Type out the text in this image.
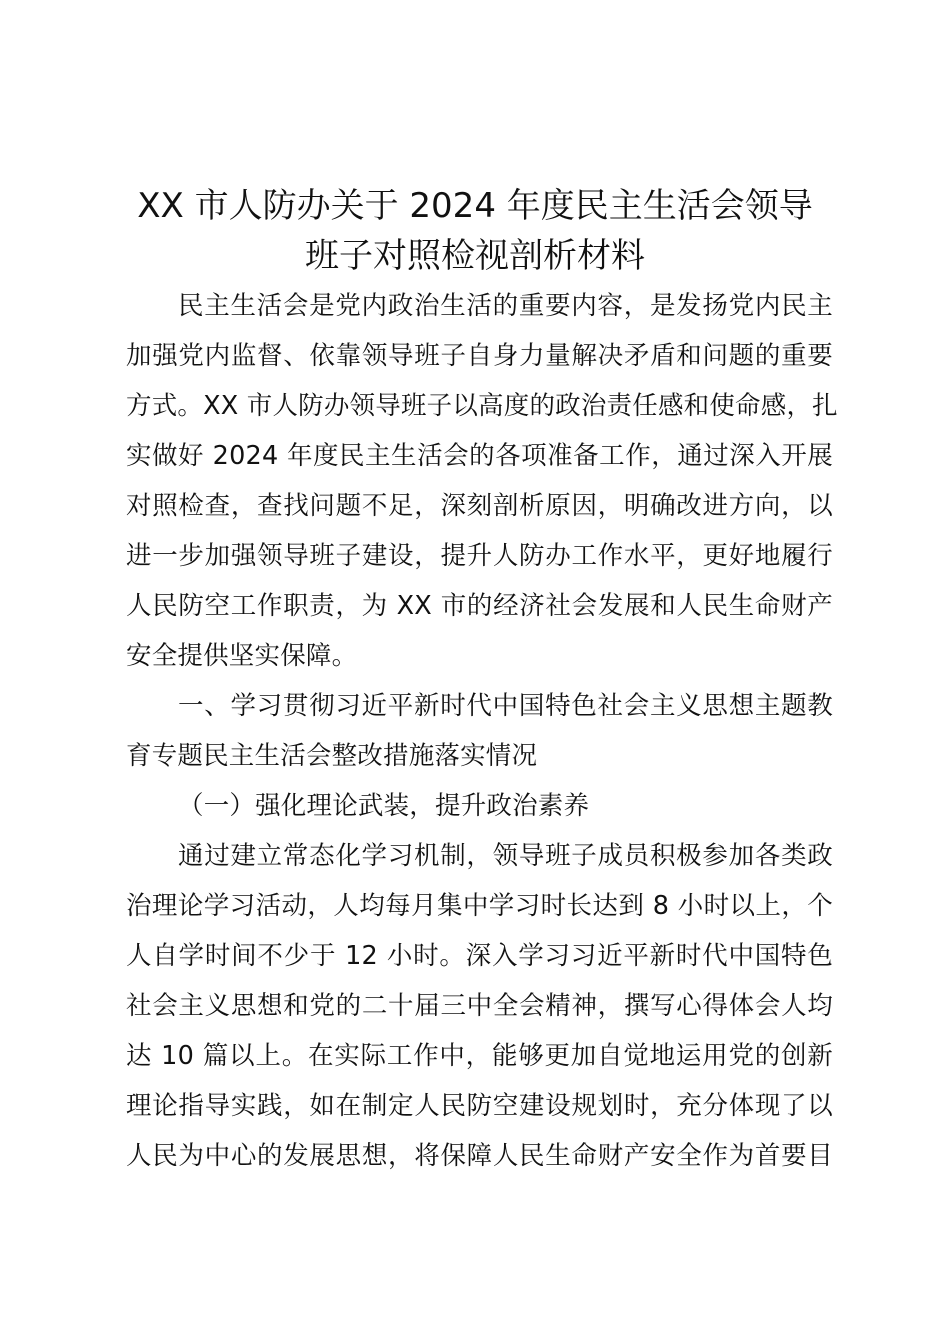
XX 市人防办关于 2024 年度民主生活会领导
班子对照检视剖析材料
民主生活会是党内政治生活的重要内容，是发扬党内民主
加强党内监督、依靠领导班子自身力量解决矛盾和问题的重要
方式。XX 市人防办领导班子以高度的政治责任感和使命感，扎
实做好 2024 年度民主生活会的各项准备工作，通过深入开展
对照检查，查找问题不足，深刻剖析原因，明确改进方向，以
进一步加强领导班子建设，提升人防办工作水平，更好地履行
人民防空工作职责，为 XX 市的经济社会发展和人民生命财产
安全提供坚实保障。
一、学习贯彻习近平新时代中国特色社会主义思想主题教
育专题民主生活会整改措施落实情况
（一）强化理论武装，提升政治素养
通过建立常态化学习机制，领导班子成员积极参加各类政
治理论学习活动，人均每月集中学习时长达到 8 小时以上，个
人自学时间不少于 12 小时。深入学习习近平新时代中国特色
社会主义思想和党的二十届三中全会精神，撰写心得体会人均
达 10 篇以上。在实际工作中，能够更加自觉地运用党的创新
理论指导实践，如在制定人民防空建设规划时，充分体现了以
人民为中心的发展思想，将保障人民生命财产安全作为首要目
